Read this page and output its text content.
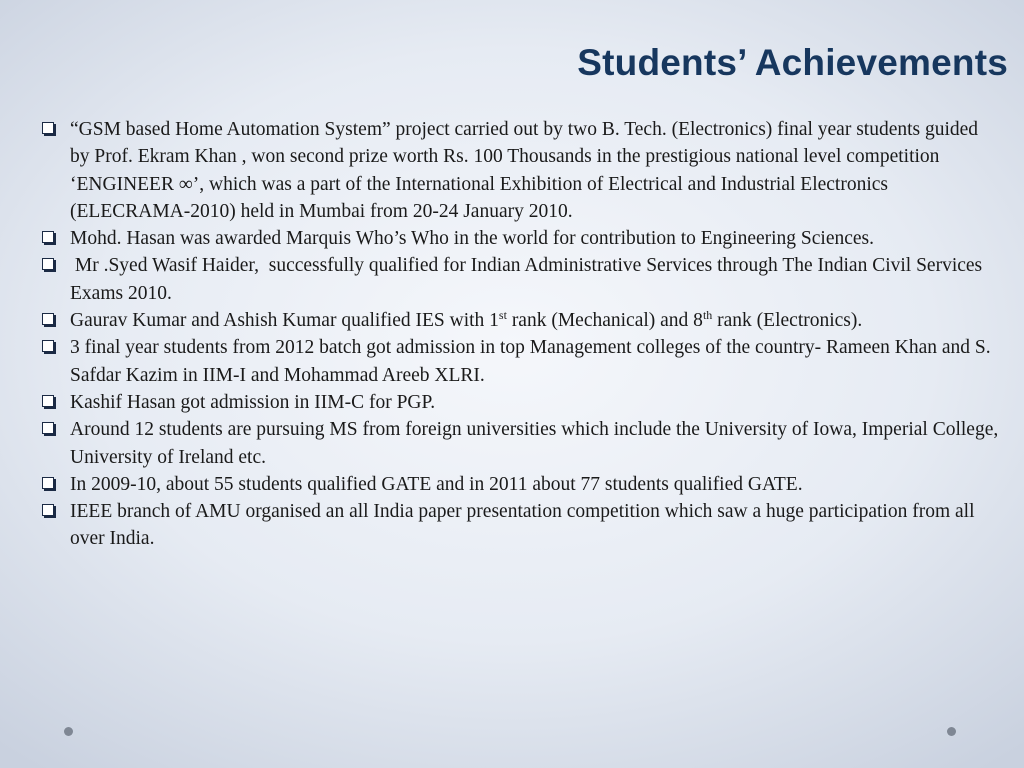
Students’ Achievements
“GSM based Home Automation System” project carried out by two B. Tech. (Electronics) final year students guided by Prof. Ekram Khan , won second prize worth Rs. 100 Thousands in the prestigious national level competition ‘ENGINEER ∞’, which was a part of the International Exhibition of Electrical and Industrial Electronics (ELECRAMA-2010) held in Mumbai from 20-24 January 2010.
Mohd. Hasan was awarded Marquis Who’s Who in the world for contribution to Engineering Sciences.
Mr .Syed Wasif Haider,  successfully qualified for Indian Administrative Services through The Indian Civil Services Exams 2010.
Gaurav Kumar and Ashish Kumar qualified IES with 1st rank (Mechanical) and 8th rank (Electronics).
3 final year students from 2012 batch got admission in top Management colleges of the country- Rameen Khan and S. Safdar Kazim in IIM-I and Mohammad Areeb XLRI.
Kashif Hasan got admission in IIM-C for PGP.
Around 12 students are pursuing MS from foreign universities which include the University of Iowa, Imperial College, University of Ireland etc.
In 2009-10, about 55 students qualified GATE and in 2011 about 77 students qualified GATE.
IEEE branch of AMU organised an all India paper presentation competition which saw a huge participation from all over India.
